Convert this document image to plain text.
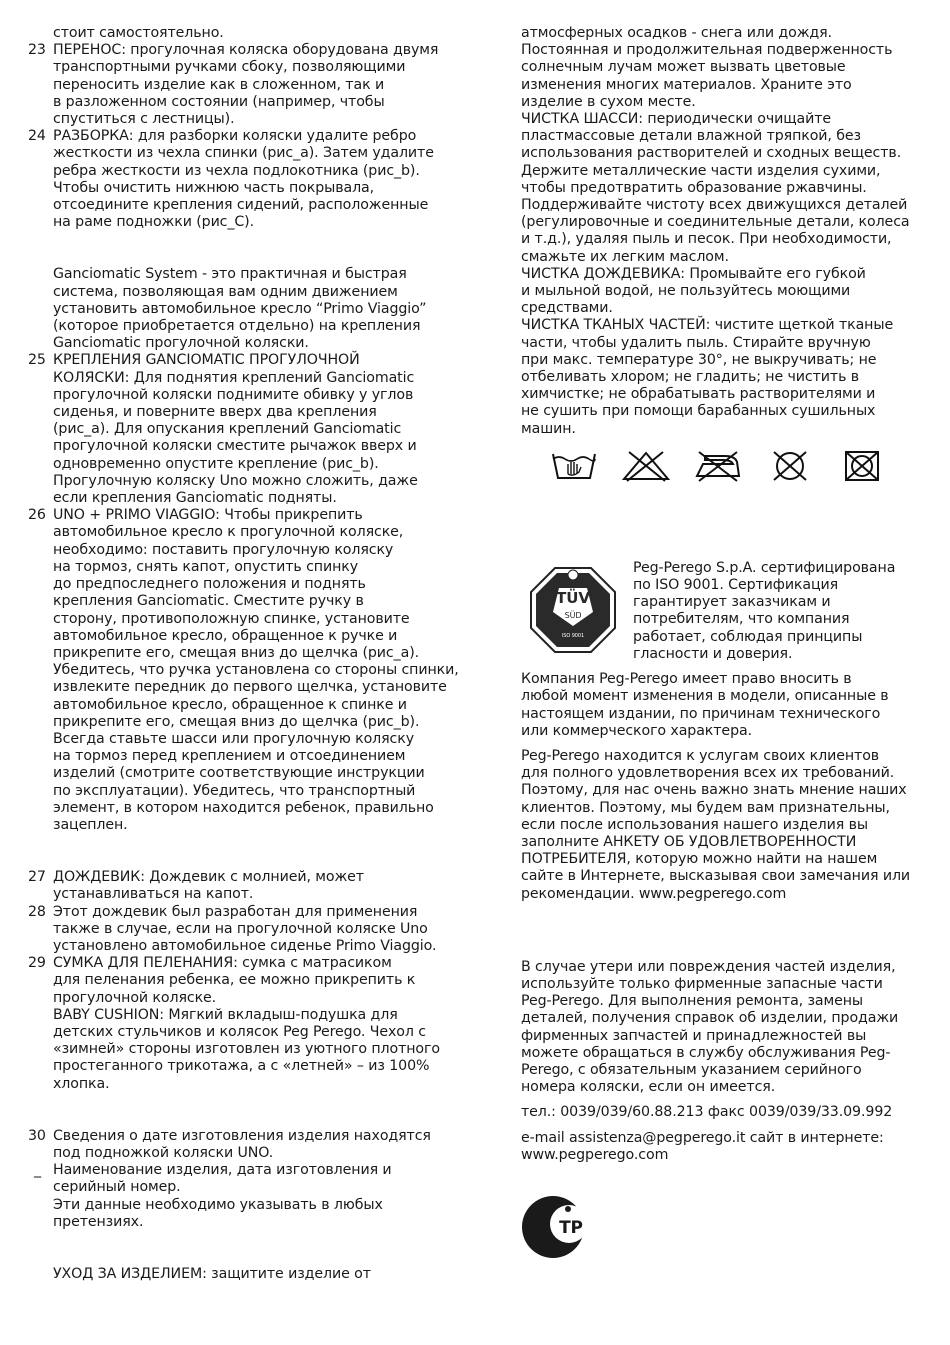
стоит самостоятельно.
23 ПЕРЕНОС: прогулочная коляска оборудована двумя
транспортными ручками сбоку, позволяющими
переносить изделие как в сложенном, так и
в разложенном состоянии (например, чтобы
спуститься с лестницы).
24 РАЗБОРКА: для разборки коляски удалите ребро
жесткости из чехла спинки (рис_a). Затем удалите
ребра жесткости из чехла подлокотника (рис_b).
Чтобы очистить нижнюю часть покрывала,
отсоедините крепления сидений, расположенные
на раме подножки (рис_C).
Ganciomatic System - это практичная и быстрая
система, позволяющая вам одним движением
установить автомобильное кресло “Primo Viaggio”
(которое приобретается отдельно) на крепления
Ganciomatic прогулочной коляски.
25 КРЕПЛЕНИЯ GANCIOMATIC ПРОГУЛОЧНОЙ
КОЛЯСКИ: Для поднятия креплений Ganciomatic
прогулочной коляски поднимите обивку у углов
сиденья, и поверните вверх два крепления
(рис_a). Для опускания креплений Ganciomatic
прогулочной коляски сместите рычажок вверх и
одновременно опустите крепление (рис_b).
Прогулочную коляску Uno можно сложить, даже
если крепления Ganciomatic подняты.
26 UNO + PRIMO VIAGGIO: Чтобы прикрепить
автомобильное кресло к прогулочной коляске,
необходимо: поставить прогулочную коляску
на тормоз, снять капот, опустить спинку
до предпоследнего положения и поднять
крепления Ganciomatic. Сместите ручку в
сторону, противоположную спинке, установите
автомобильное кресло, обращенное к ручке и
прикрепите его, смещая вниз до щелчка (рис_a).
Убедитесь, что ручка установлена со стороны спинки,
извлеките передник до первого щелчка, установите
автомобильное кресло, обращенное к спинке и
прикрепите его, смещая вниз до щелчка (рис_b).
Всегда ставьте шасси или прогулочную коляску
на тормоз перед креплением и отсоединением
изделий (смотрите соответствующие инструкции
по эксплуатации). Убедитесь, что транспортный
элемент, в котором находится ребенок, правильно
зацеплен.
27 ДОЖДЕВИК: Дождевик с молнией, может
устанавливаться на капот.
28 Этот дождевик был разработан для применения
также в случае, если на прогулочной коляске Uno
установлено автомобильное сиденье Primo Viaggio.
29 СУМКА ДЛЯ ПЕЛЕНАНИЯ: сумка с матрасиком
для пеленания ребенка, ее можно прикрепить к
прогулочной коляске.
BABY CUSHION: Мягкий вкладыш-подушка для
детских стульчиков и колясок Peg Perego. Чехол с
«зимней» стороны изготовлен из уютного плотного
простеганного трикотажа, а с «летней» – из 100%
хлопка.
30 Сведения о дате изготовления изделия находятся
под подножкой коляски UNO.
_ Наименование изделия, дата изготовления и
серийный номер.
Эти данные необходимо указывать в любых
претензиях.
УХОД ЗА ИЗДЕЛИЕМ: защитите изделие от
атмосферных осадков - снега или дождя.
Постоянная и продолжительная подверженность
солнечным лучам может вызвать цветовые
изменения многих материалов. Храните это
изделие в сухом месте.
ЧИСТКА ШАССИ: периодически очищайте
пластмассовые детали влажной тряпкой, без
использования растворителей и сходных веществ.
Держите металлические части изделия сухими,
чтобы предотвратить образование ржавчины.
Поддерживайте чистоту всех движущихся деталей
(регулировочные и соединительные детали, колеса
и т.д.), удаляя пыль и песок. При необходимости,
смажьте их легким маслом.
ЧИСТКА ДОЖДЕВИКА: Промывайте его губкой
и мыльной водой, не пользуйтесь моющими
средствами.
ЧИСТКА ТКАНЫХ ЧАСТЕЙ: чистите щеткой тканые
части, чтобы удалить пыль. Стирайте вручную
при макс. температуре 30°, не выкручивать; не
отбеливать хлором; не гладить; не чистить в
химчистке; не обрабатывать растворителями и
не сушить при помощи барабанных сушильных
машин.
TÜV
SÜD
ISO 9001
Peg-Perego S.p.A. сертифицирована
по ISO 9001. Сертификация
гарантирует заказчикам и
потребителям, что компания
работает, соблюдая принципы
гласности и доверия.
Компания Peg-Perego имеет право вносить в
любой момент изменения в модели, описанные в
настоящем издании, по причинам технического
или коммерческого характера.
Peg-Perego находится к услугам своих клиентов
для полного удовлетворения всех их требований.
Поэтому, для нас очень важно знать мнение наших
клиентов. Поэтому, мы будем вам признательны,
если после использования нашего изделия вы
заполните АНКЕТУ ОБ УДОВЛЕТВОРЕННОСТИ
ПОТРЕБИТЕЛЯ, которую можно найти на нашем
сайте в Интернете, высказывая свои замечания или
рекомендации. www.pegperego.com
В случае утери или повреждения частей изделия,
используйте только фирменные запасные части
Peg-Perego. Для выполнения ремонта, замены
деталей, получения справок об изделии, продажи
фирменных запчастей и принадлежностей вы
можете обращаться в службу обслуживания Peg-
Perego, с обязательным указанием серийного
номера коляски, если он имеется.
тел.: 0039/039/60.88.213 факс 0039/039/33.09.992
e-mail assistenza@pegperego.it сайт в интернете:
www.pegperego.com
ТР
